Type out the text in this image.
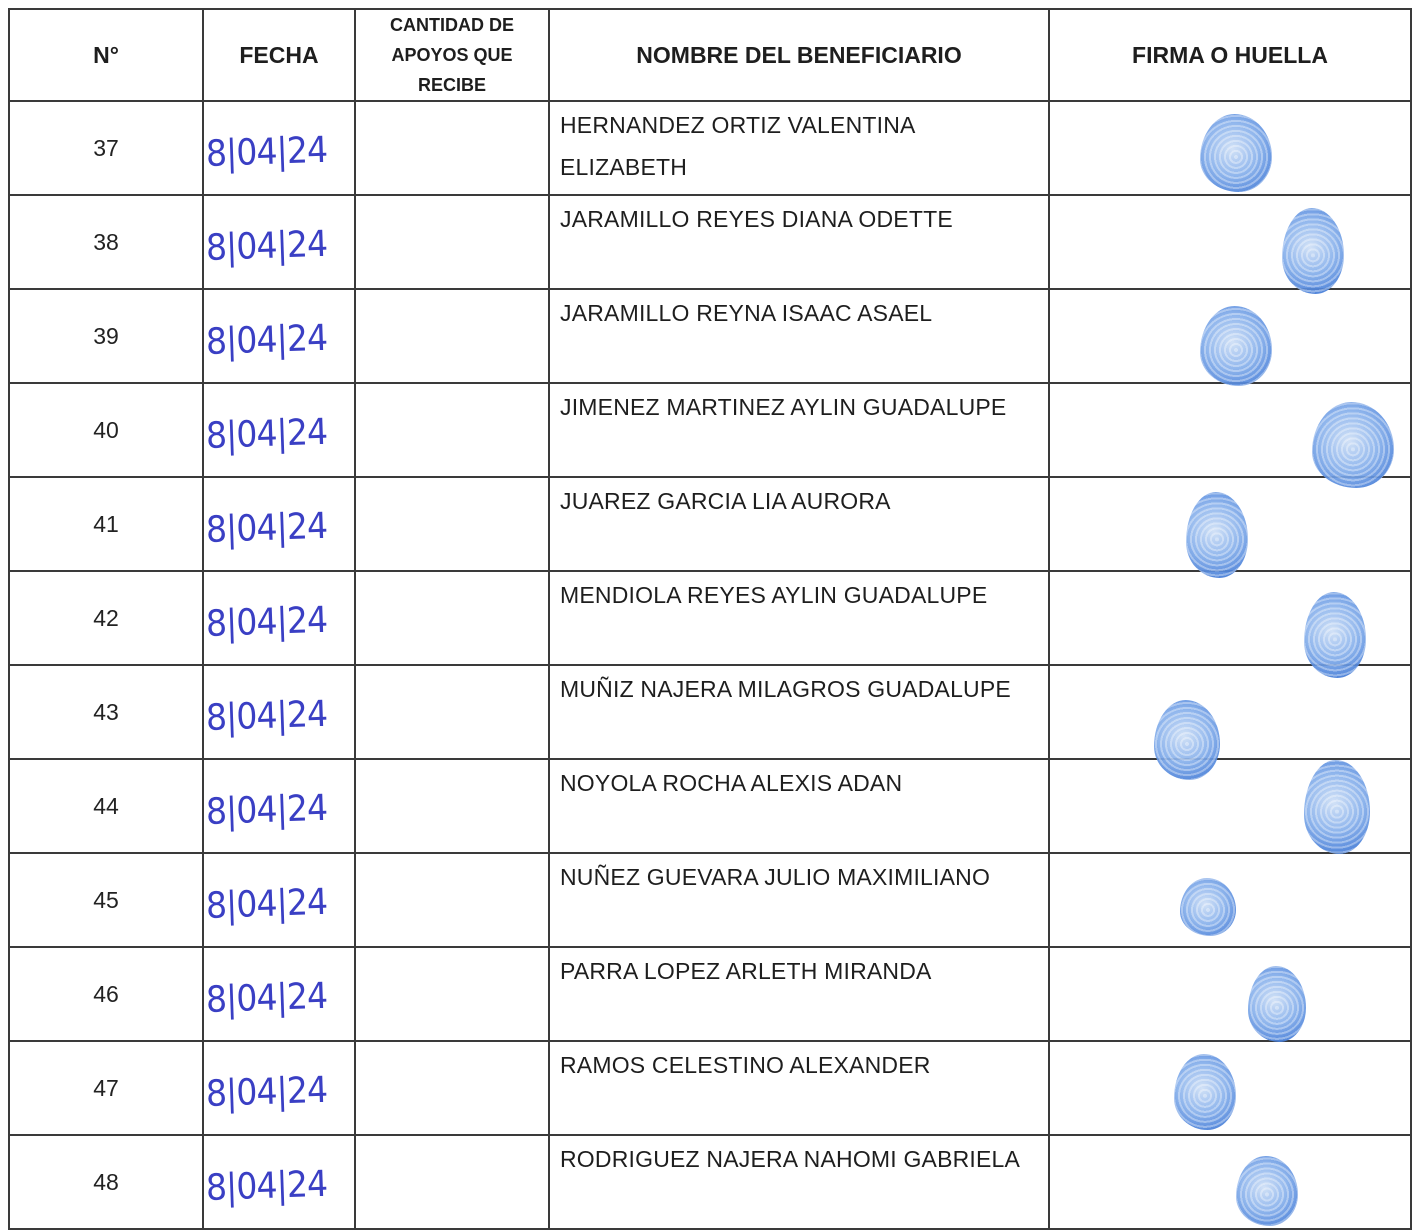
N°	FECHA	CANTIDAD DE
APOYOS QUE
RECIBE	NOMBRE DEL BENEFICIARIO	FIRMA O HUELLA
37	8|04|24		HERNANDEZ ORTIZ VALENTINA ELIZABETH	

38	8|04|24		JARAMILLO REYES DIANA ODETTE	

39	8|04|24		JARAMILLO REYNA ISAAC ASAEL	

40	8|04|24		JIMENEZ MARTINEZ AYLIN GUADALUPE	

41	8|04|24		JUAREZ GARCIA LIA AURORA	

42	8|04|24		MENDIOLA REYES AYLIN GUADALUPE	

43	8|04|24		MUÑIZ NAJERA MILAGROS GUADALUPE	

44	8|04|24		NOYOLA ROCHA ALEXIS ADAN	

45	8|04|24		NUÑEZ GUEVARA JULIO MAXIMILIANO	

46	8|04|24		PARRA LOPEZ ARLETH MIRANDA	

47	8|04|24		RAMOS CELESTINO ALEXANDER	

48	8|04|24		RODRIGUEZ NAJERA NAHOMI GABRIELA	
